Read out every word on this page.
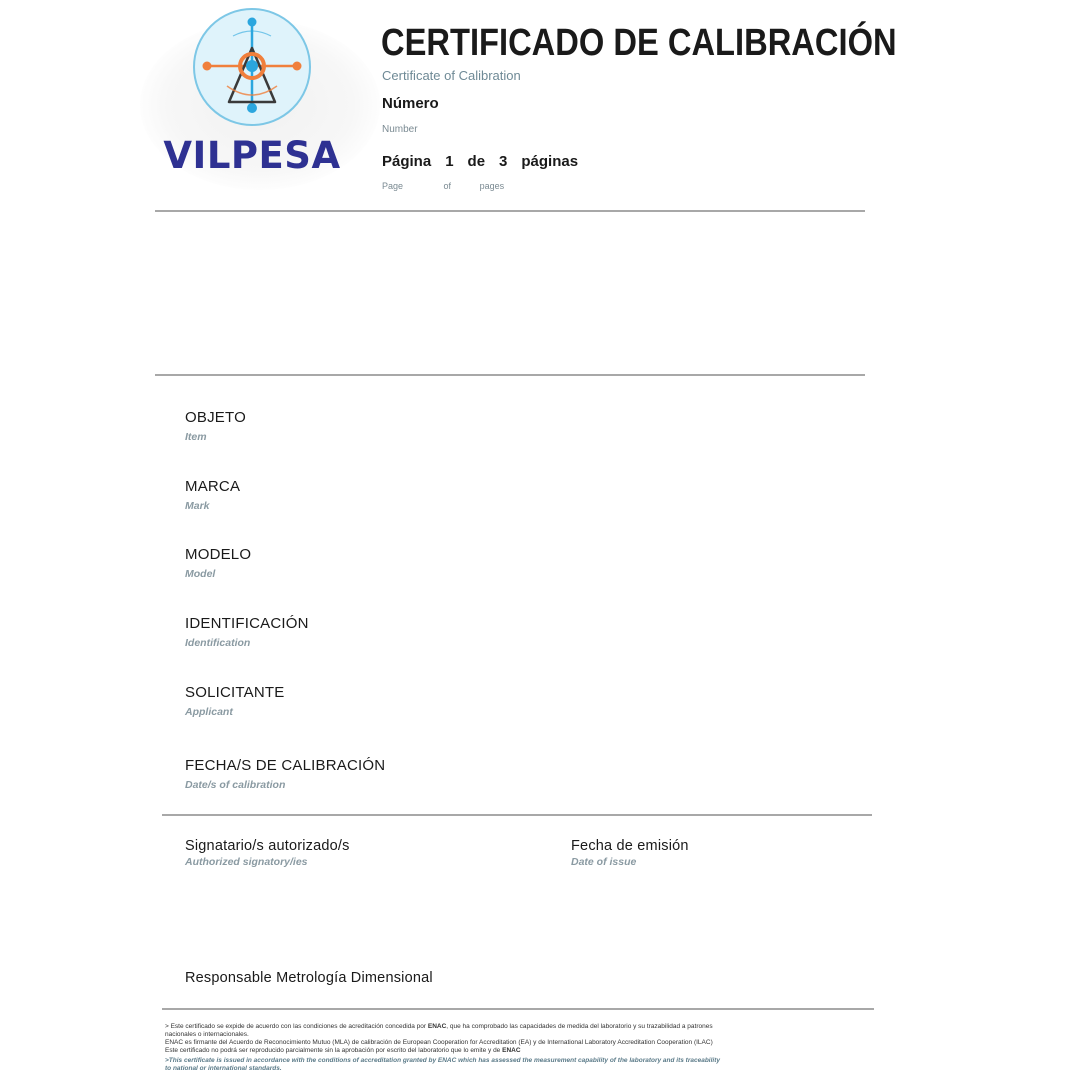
VILPESA
CERTIFICADO DE CALIBRACIÓN
Certificate of Calibration
Número
Number
Página 1 de 3 páginas
Page	of	pages
OBJETO
Item
MARCA
Mark
MODELO
Model
IDENTIFICACIÓN
Identification
SOLICITANTE
Applicant
FECHA/S DE CALIBRACIÓN
Date/s of calibration
Signatario/s autorizado/s
Authorized signatory/ies
Fecha de emisión
Date of issue
Responsable Metrología Dimensional
> Este certificado se expide de acuerdo con las condiciones de acreditación concedida por ENAC, que ha comprobado las capacidades de medida del laboratorio y su trazabilidad a patrones
nacionales o internacionales.
ENAC es firmante del Acuerdo de Reconocimiento Mutuo (MLA) de calibración de European Cooperation for Accreditation (EA) y de International Laboratory Accreditation Cooperation (ILAC)
Este certificado no podrá ser reproducido parcialmente sin la aprobación por escrito del laboratorio que lo emite y de ENAC
>This certificate is issued in accordance with the conditions of accreditation granted by ENAC which has assessed the measurement capability of the laboratory and its traceability
to national or international standards.
